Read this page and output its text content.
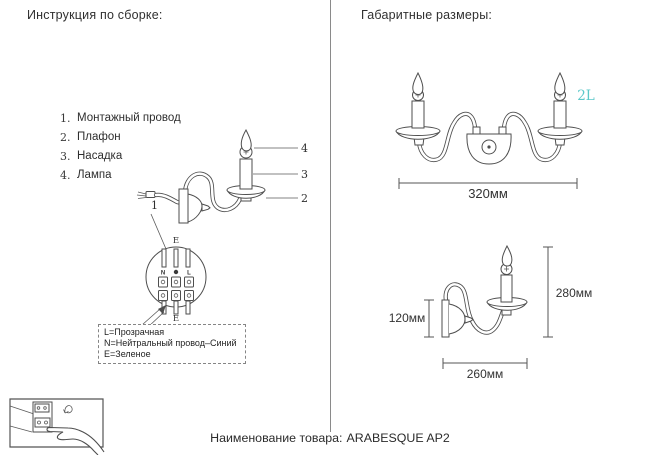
Инструкция по сборке:
1. Монтажный провод
2. Плафон
3. Насадка
4. Лампа
4
3
2
1
E
N	L
E
L=Прозрачная
N=Нейтральный провод–Синий
E=Зеленое
Габаритные размеры:
320мм
2L
120мм
280мм
260мм
Наименование товара: ARABESQUE AP2
